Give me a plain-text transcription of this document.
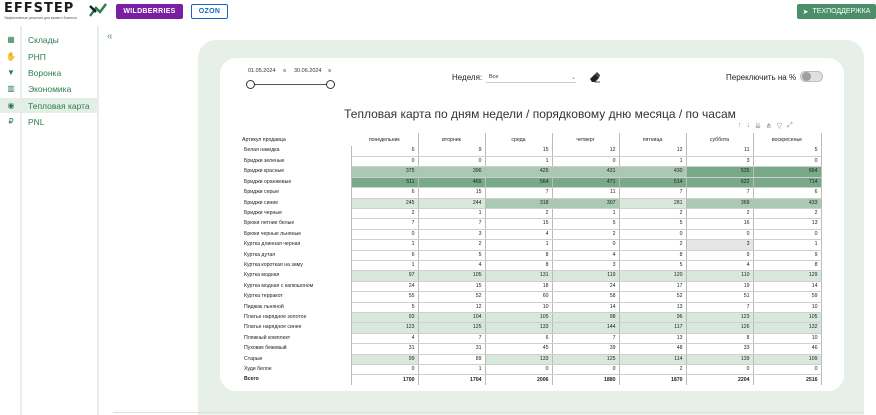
EFFSTEP
Эффективные решения для вашего бизнеса
WILDBERRIES	OZON	➤ ТЕХПОДДЕРЖКА
▦	Склады
✋	РНП
▼	Воронка
▥	Экономика
◉	Тепловая карта
₽	PNL
«
01.05.2024 ≡ 30.06.2024 ≡
Неделя: Все	⌄	Переключить на %
Тепловая карта по дням недели / порядковому дню месяца / по часам
↑ ↓ ⇊ ⋔ ▽ ⤢
Артикул продавца	понедельник	вторник	среда	четверг	пятница	суббота	воскресенье
Белая накидка	6	9	15	12	12	11	5
Бриджи зеленые	0	0	1	0	1	3	0
Бриджи красные	375	396	425	431	430	535	664
Бриджи оранжевые	511	469	564	471	514	622	714
Бриджи серые	6	15	7	11	7	7	6
Бриджи синие	245	244	318	307	281	369	433
Бриджи черные	2	1	2	1	2	2	2
Брюки летние белые	7	7	15	5	5	16	13
Брюки черные льняные	0	3	4	2	0	0	0
Куртка длинная черная	1	2	1	0	2	3	1
Куртка дутая	6	5	8	4	8	9	9
Куртка короткая на зиму	1	4	8	3	5	4	8
Куртка модная	97	105	131	119	120	110	129
Куртка модная с капюшоном	24	15	18	24	17	19	14
Куртка терракот	55	52	60	58	52	51	59
Пиджак льняной	5	12	10	14	13	7	10
Платье нарядное золотое	93	104	105	98	96	123	105
Платье нарядное синее	123	125	133	144	117	126	132
Пляжный комплект	4	7	6	7	13	8	10
Пуховик бежевый	31	31	45	39	48	33	46
Старые	99	89	133	125	114	139	109
Худи белое	0	1	0	0	2	0	0
Всего	1700	1704	2006	1880	1870	2204	2516
